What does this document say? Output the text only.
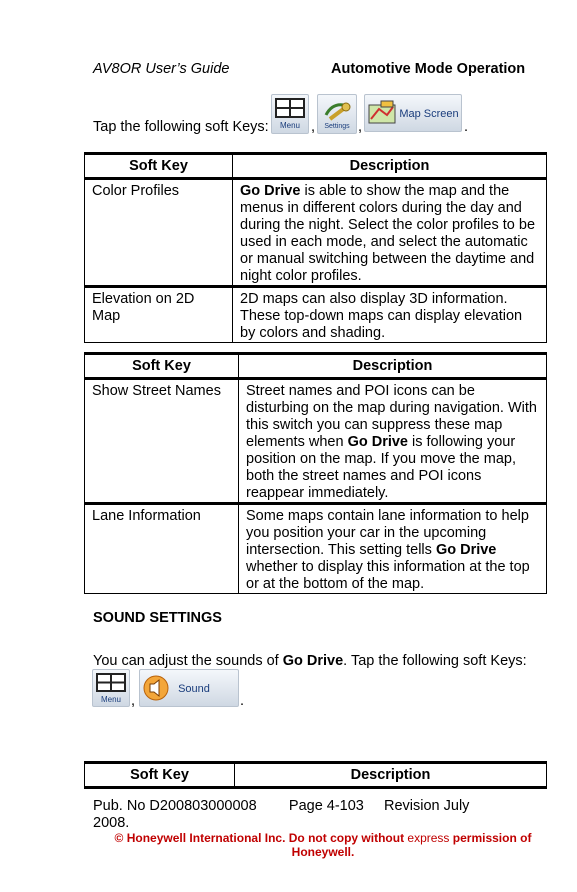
AV8OR User’s Guide	Automotive Mode Operation
Tap the following soft Keys: Menu , Settings ,
Map Screen
.
Soft Key	Description
Color Profiles	Go Drive is able to show the map and the menus in different colors during the day and during the night. Select the color profiles to be used in each mode, and select the automatic or manual switching between the daytime and night color profiles.
Elevation on 2D Map	2D maps can also display 3D information. These top-down maps can display elevation by colors and shading.
Soft Key	Description
Show Street Names	Street names and POI icons can be disturbing on the map during navigation. With this switch you can suppress these map elements when Go Drive is following your position on the map. If you move the map, both the street names and POI icons reappear immediately.
Lane Information	Some maps contain lane information to help you position your car in the upcoming intersection. This setting tells Go Drive whether to display this information at the top or at the bottom of the map.
SOUND SETTINGS
You can adjust the sounds of Go Drive. Tap the following soft Keys:
Menu ,
Sound
.
Soft Key	Description
Pub. No D200803000008        Page 4-103     Revision July
2008.
© Honeywell International Inc. Do not copy without express permission of Honeywell.
